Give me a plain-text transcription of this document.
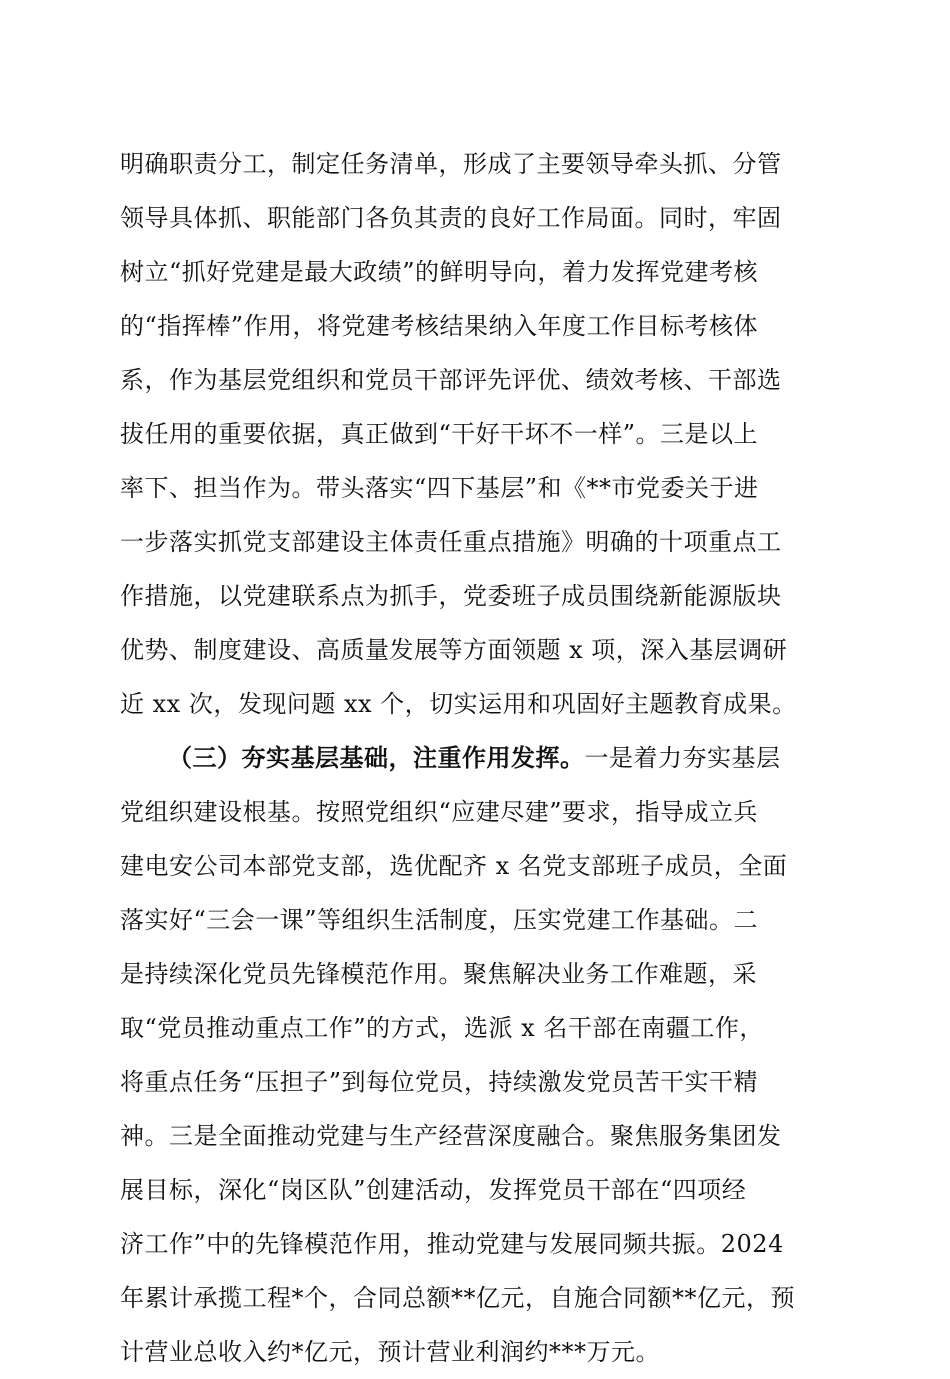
明确职责分工，制定任务清单，形成了主要领导牵头抓、分管
领导具体抓、职能部门各负其责的良好工作局面。同时，牢固
树立“抓好党建是最大政绩”的鲜明导向，着力发挥党建考核
的“指挥棒”作用，将党建考核结果纳入年度工作目标考核体
系，作为基层党组织和党员干部评先评优、绩效考核、干部选
拔任用的重要依据，真正做到“干好干坏不一样”。三是以上
率下、担当作为。带头落实“四下基层”和《**市党委关于进
一步落实抓党支部建设主体责任重点措施》明确的十项重点工
作措施，以党建联系点为抓手，党委班子成员围绕新能源版块
优势、制度建设、高质量发展等方面领题 x 项，深入基层调研
近 xx 次，发现问题 xx 个，切实运用和巩固好主题教育成果。
（三）夯实基层基础，注重作用发挥。一是着力夯实基层
党组织建设根基。按照党组织“应建尽建”要求，指导成立兵
建电安公司本部党支部，选优配齐 x 名党支部班子成员，全面
落实好“三会一课”等组织生活制度，压实党建工作基础。二
是持续深化党员先锋模范作用。聚焦解决业务工作难题，采
取“党员推动重点工作”的方式，选派 x 名干部在南疆工作，
将重点任务“压担子”到每位党员，持续激发党员苦干实干精
神。三是全面推动党建与生产经营深度融合。聚焦服务集团发
展目标，深化“岗区队”创建活动，发挥党员干部在“四项经
济工作”中的先锋模范作用，推动党建与发展同频共振。2024
年累计承揽工程*个，合同总额**亿元，自施合同额**亿元，预
计营业总收入约*亿元，预计营业利润约***万元。
